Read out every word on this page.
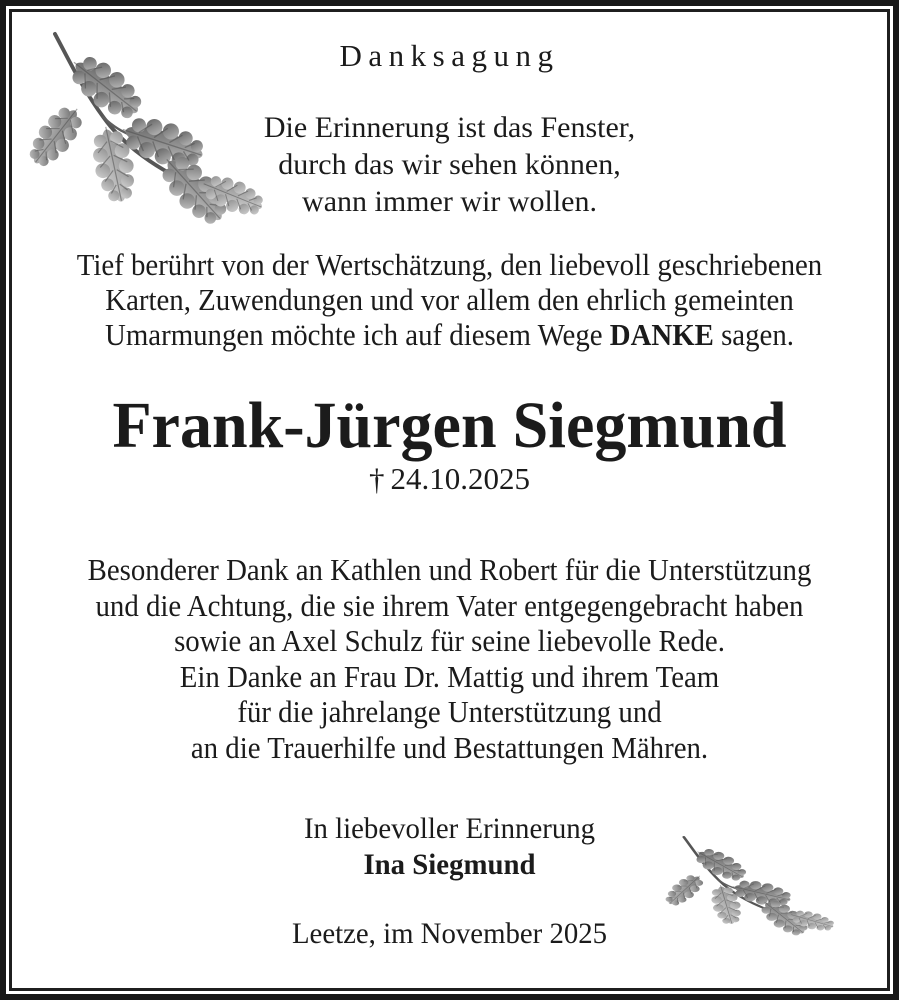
Danksagung
Die Erinnerung ist das Fenster,
durch das wir sehen können,
wann immer wir wollen.
Tief berührt von der Wertschätzung, den liebevoll geschriebenen
Karten, Zuwendungen und vor allem den ehrlich gemeinten
Umarmungen möchte ich auf diesem Wege DANKE sagen.
Frank-Jürgen Siegmund
† 24.10.2025
Besonderer Dank an Kathlen und Robert für die Unterstützung
und die Achtung, die sie ihrem Vater entgegengebracht haben
sowie an Axel Schulz für seine liebevolle Rede.
Ein Danke an Frau Dr. Mattig und ihrem Team
für die jahrelange Unterstützung und
an die Trauerhilfe und Bestattungen Mähren.
In liebevoller Erinnerung
Ina Siegmund
Leetze, im November 2025
